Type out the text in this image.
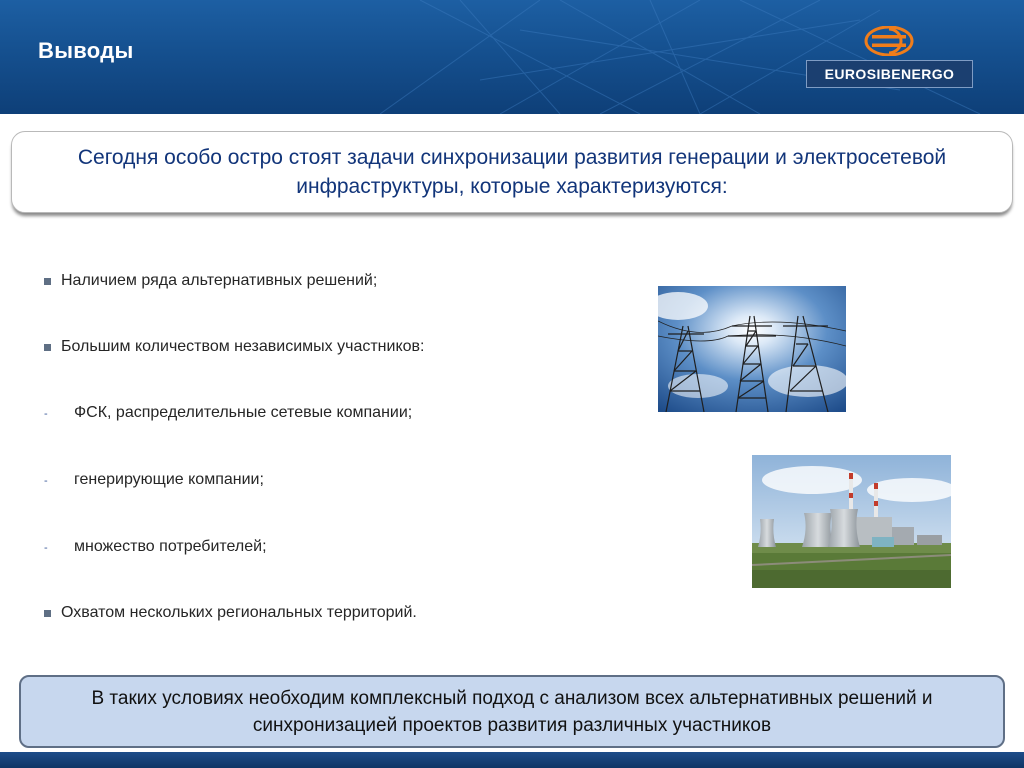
Выводы
EUROSIBENERGO
Сегодня особо остро стоят задачи синхронизации развития генерации и электросетевой инфраструктуры, которые характеризуются:
Наличием ряда альтернативных решений;
Большим количеством независимых участников:
- ФСК, распределительные сетевые компании;
- генерирующие компании;
- множество потребителей;
Охватом нескольких региональных территорий.
В таких условиях необходим комплексный подход с анализом всех альтернативных решений и синхронизацией проектов развития различных участников
